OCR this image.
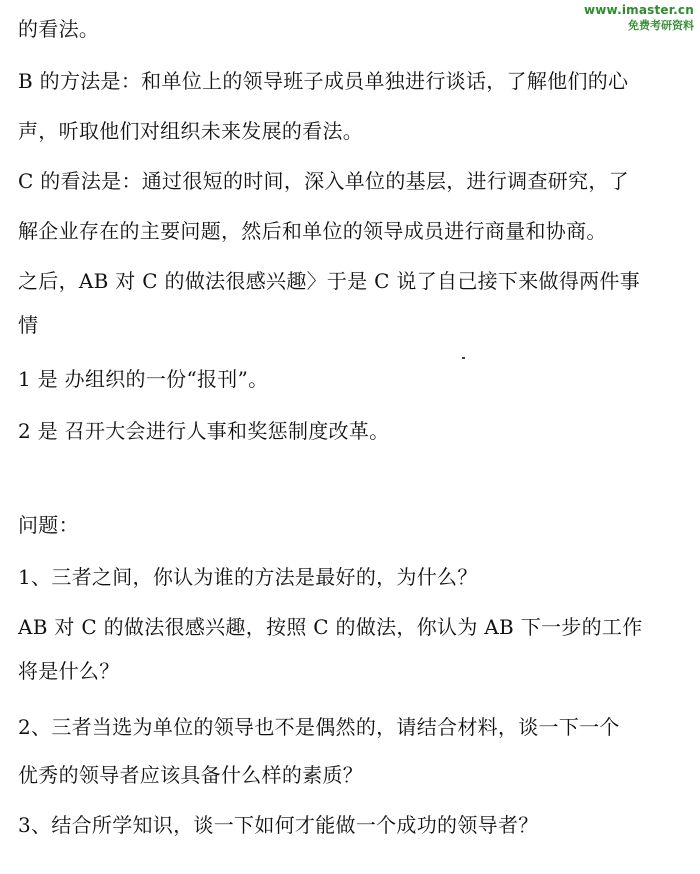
www.imaster.cn
免费考研资料
的看法。
B 的方法是：和单位上的领导班子成员单独进行谈话，了解他们的心
声，听取他们对组织未来发展的看法。
C 的看法是：通过很短的时间，深入单位的基层，进行调查研究，了
解企业存在的主要问题，然后和单位的领导成员进行商量和协商。
之后，AB 对 C 的做法很感兴趣〉于是 C 说了自己接下来做得两件事
情
1 是 办组织的一份“报刊”。
2 是 召开大会进行人事和奖惩制度改革。
问题：
1、三者之间，你认为谁的方法是最好的，为什么？
AB 对 C 的做法很感兴趣，按照 C 的做法，你认为 AB 下一步的工作
将是什么？
2、三者当选为单位的领导也不是偶然的，请结合材料，谈一下一个
优秀的领导者应该具备什么样的素质？
3、结合所学知识，谈一下如何才能做一个成功的领导者？
